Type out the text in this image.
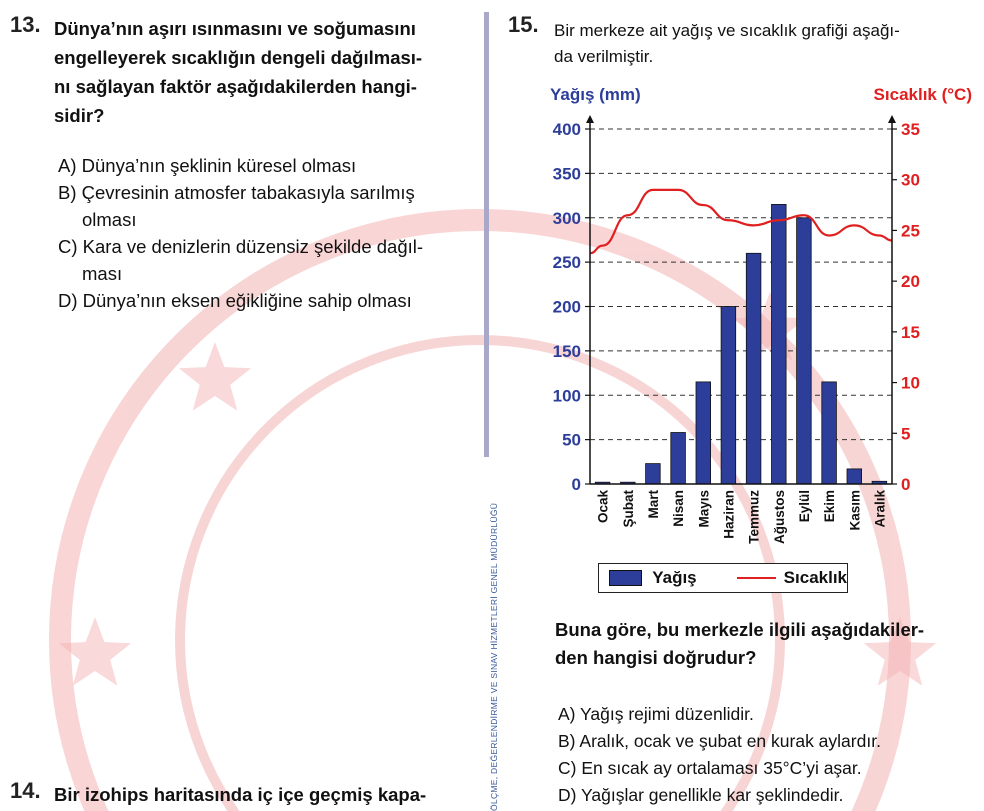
13. Dünya’nın aşırı ısınmasını ve soğumasını
engelleyerek sıcaklığın dengeli dağılması-
nı sağlayan faktör aşağıdakilerden hangi-
sidir?
A) Dünya’nın şeklinin küresel olması
B) Çevresinin atmosfer tabakasıyla sarılmış
olması
C) Kara ve denizlerin düzensiz şekilde dağıl-
ması
D) Dünya’nın eksen eğikliğine sahip olması
ÖLÇME, DEĞERLENDİRME VE SINAV HİZMETLERİ GENEL MÜDÜRLÜĞÜ
14. Bir izohips haritasında iç içe geçmiş kapa-
15. Bir merkeze ait yağış ve sıcaklık grafiği aşağı-
da verilmiştir.
Yağış (mm)	Sıcaklık (°C)
0
50
100
150
200
250
300
350
400
0
5
10
15
20
25
30
35
Ocak Şubat Mart Nisan Mayıs Haziran Temmuz Ağustos Eylül Ekim Kasım Aralık
Yağış	Sıcaklık
Buna göre, bu merkezle ilgili aşağıdakiler-
den hangisi doğrudur?
A) Yağış rejimi düzenlidir.
B) Aralık, ocak ve şubat en kurak aylardır.
C) En sıcak ay ortalaması 35°C’yi aşar.
D) Yağışlar genellikle kar şeklindedir.
